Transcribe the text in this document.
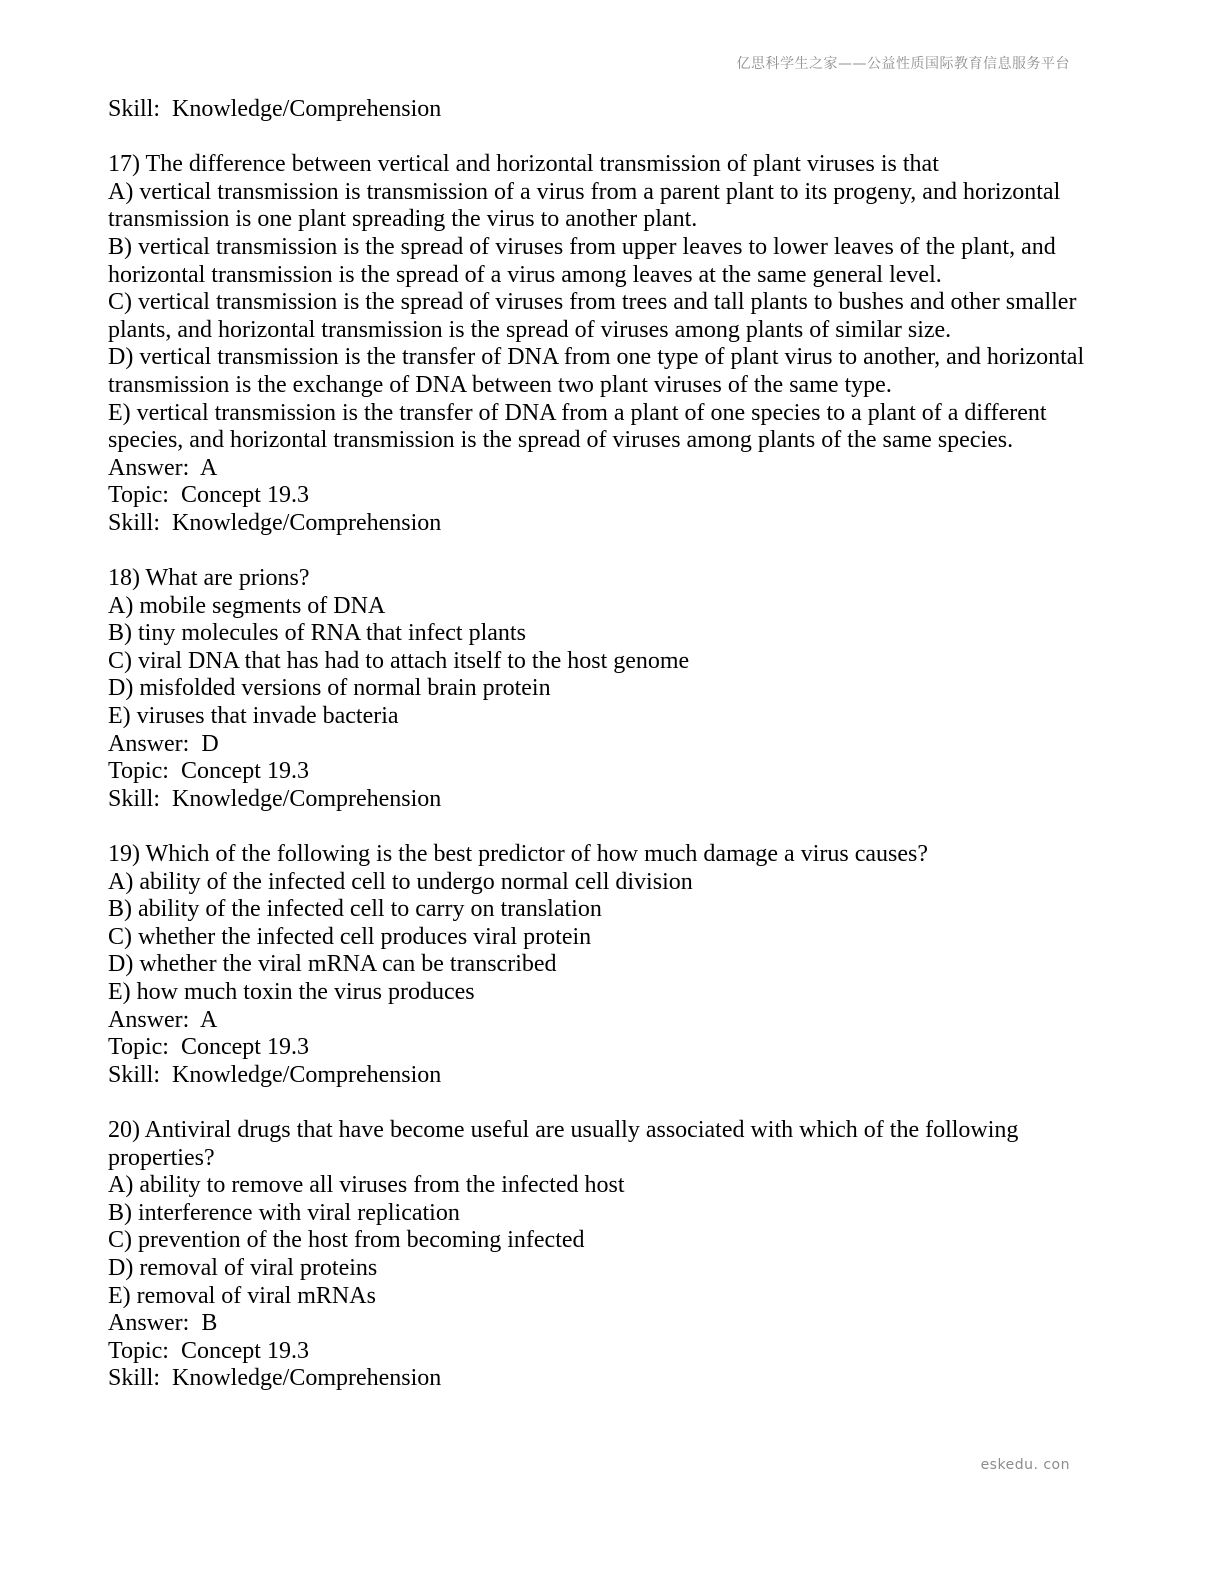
亿思科学生之家——公益性质国际教育信息服务平台
Skill:  Knowledge/Comprehension
17) The difference between vertical and horizontal transmission of plant viruses is that
A) vertical transmission is transmission of a virus from a parent plant to its progeny, and horizontal transmission is one plant spreading the virus to another plant.
B) vertical transmission is the spread of viruses from upper leaves to lower leaves of the plant, and horizontal transmission is the spread of a virus among leaves at the same general level.
C) vertical transmission is the spread of viruses from trees and tall plants to bushes and other smaller plants, and horizontal transmission is the spread of viruses among plants of similar size.
D) vertical transmission is the transfer of DNA from one type of plant virus to another, and horizontal transmission is the exchange of DNA between two plant viruses of the same type.
E) vertical transmission is the transfer of DNA from a plant of one species to a plant of a different species, and horizontal transmission is the spread of viruses among plants of the same species.
Answer:  A
Topic:  Concept 19.3
Skill:  Knowledge/Comprehension
18) What are prions?
A) mobile segments of DNA
B) tiny molecules of RNA that infect plants
C) viral DNA that has had to attach itself to the host genome
D) misfolded versions of normal brain protein
E) viruses that invade bacteria
Answer:  D
Topic:  Concept 19.3
Skill:  Knowledge/Comprehension
19) Which of the following is the best predictor of how much damage a virus causes?
A) ability of the infected cell to undergo normal cell division
B) ability of the infected cell to carry on translation
C) whether the infected cell produces viral protein
D) whether the viral mRNA can be transcribed
E) how much toxin the virus produces
Answer:  A
Topic:  Concept 19.3
Skill:  Knowledge/Comprehension
20) Antiviral drugs that have become useful are usually associated with which of the following properties?
A) ability to remove all viruses from the infected host
B) interference with viral replication
C) prevention of the host from becoming infected
D) removal of viral proteins
E) removal of viral mRNAs
Answer:  B
Topic:  Concept 19.3
Skill:  Knowledge/Comprehension
eskedu. con
